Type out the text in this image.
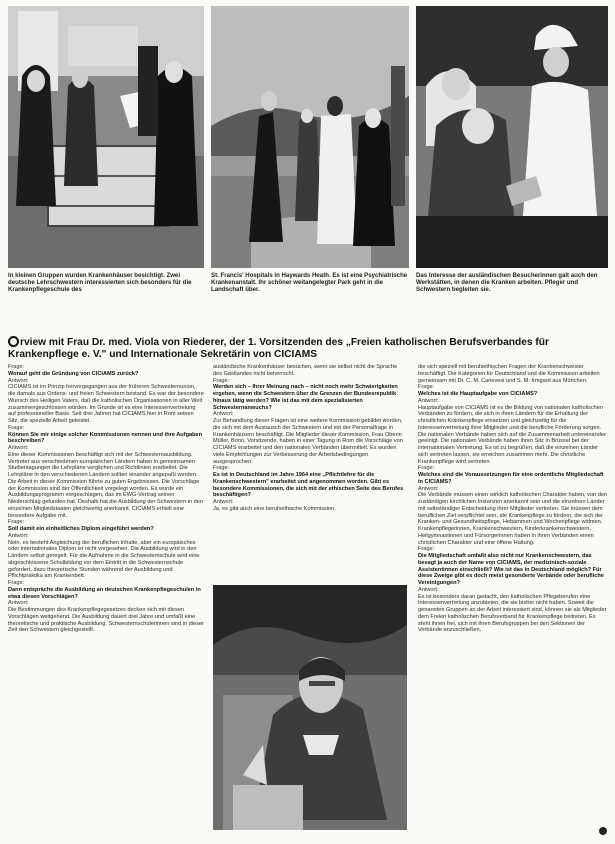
In kleinen Gruppen wurden Krankenhäuser besichtigt. Zwei deutsche Lehrschwestern interessierten sich besonders für die Krankenpflegeschule des
St. Francis' Hospitals in Haywards Heath. Es ist eine Psychiatrische Krankenanstalt. Ihr schöner weitangelegter Park geht in die Landschaft über.
Das Interesse der ausländischen Besucherinnen galt auch den Werkstätten, in denen die Kranken arbeiten. Pfleger und Schwestern begleiten sie.
rview mit Frau Dr. med. Viola von Riederer, der 1. Vorsitzenden des „Freien katholischen Berufsverbandes für Krankenpflege e. V." und Internationale Sekretärin von CICIAMS

Frage:

Worauf geht die Gründung von CICIAMS zurück?

Antwort:

CICIAMS ist im Prinzip hervorgegangen aus der früheren Schwesternunion, die damals aus Ordens- und freien Schwestern bestand. Es war der besondere Wunsch des Heiligen Vaters, daß die katholischen Organisationen in aller Welt zusammengeschlossen würden. Im Grunde ist es eine Interessenvertretung auf professioneller Basis. Seit drei Jahren hat CICIAMS hier in Rom seinen Sitz, die spezielle Arbeit geleistet.

Frage:

Können Sie mir einige solcher Kommissionen nennen und ihre Aufgaben beschreiben?

Antwort:

Eine dieser Kommissionen beschäftigt sich mit der Schwesternausbildung. Vertreter aus verschiedenen europäischen Ländern haben in gemeinsamen Studientagungen die Lehrpläne verglichen und Richtlinien erarbeitet. Die Lehrpläne in den verschiedenen Ländern sollten einander angepaßt werden. Die Arbeit in dieser Kommission führte zu guten Ergebnissen. Die Vorschläge der Kommission sind der Öffentlichkeit vorgelegt worden. Es wurde ein Ausbildungsprogramm vorgeschlagen, das im EWG-Vertrag seinen Niederschlag gefunden hat. Deshalb hat die Ausbildung der Schwestern in den einzelnen Mitgliedstaaten gleichwertig anerkannt. CICIAMS erhielt eine besondere Aufgabe mit.

Frage:

Soll damit ein einheitliches Diplom eingeführt werden?

Antwort:

Nein, es besteht Angleichung der beruflichen Inhalte, aber ein europäisches oder internationales Diplom ist nicht vorgesehen. Die Ausbildung wird in den Ländern selbst geregelt. Für die Aufnahme in die Schwesternschule wird eine abgeschlossene Schulbildung vor dem Eintritt in die Schwesternschule gefordert, dazu theoretische Stunden während der Ausbildung und Pflichtpraktika am Krankenbett.

Frage:

Dann entspräche die Ausbildung an deutschen Krankenpflegeschulen in etwa diesen Vorschlägen?

Antwort:

Die Bestimmungen des Krankenpflegegesetzes decken sich mit diesen Vorschlägen weitgehend. Die Ausbildung dauert drei Jahre und umfaßt eine theoretische und praktische Ausbildung. Schwesternschülerinnen sind in dieser Zeit den Schwestern gleichgestellt.

ausländische Krankenhäuser besuchen, wenn sie selbst nicht die Sprache des Gastlandes nicht beherrscht.

Frage:

Werden sich – Ihrer Meinung nach – nicht noch mehr Schwierigkeiten ergeben, wenn die Schwestern über die Grenzen der Bundesrepublik hinaus tätig werden? Wie ist das mit dem spezialisierten Schwesternanwuchs?

Antwort:

Zur Behandlung dieser Fragen ist eine weitere Kommission gebildet worden, die sich mit dem Austausch der Schwestern und mit der Personalfrage in Krankenhäusern beschäftigt. Die Mitglieder dieser Kommission, Frau Oberin Müller, Bonn, Vorsitzende, haben in einer Tagung in Rom die Vorschläge von CICIAMS erarbeitet und den nationalen Verbänden übermittelt. Es wurden viele Empfehlungen zur Verbesserung der Arbeitsbedingungen ausgesprochen.

Frage:

Es ist in Deutschland im Jahre 1964 eine „Pflichtlehre für die Krankenschwestern" erarbeitet und angenommen worden. Gibt es besondere Kommissionen, die sich mit der ethischen Seite des Berufes beschäftigen?

Antwort:

Ja, es gibt auch eine berufsethische Kommission.

die sich speziell mit berufsethischen Fragen der Krankenschwester beschäftigt. Die Kategorien für Deutschland und die Kommission arbeiten gemeinsam mit Dr. C. M. Canevesi und S. M. Irmgard aus München.

Frage:

Welches ist die Hauptaufgabe von CICIAMS?

Antwort:

Hauptaufgabe von CICIAMS ist es die Bildung von nationalen katholischen Verbänden zu fördern, die sich in ihren Ländern für die Erhaltung der christlichen Krankenpflege einsetzen und gleichzeitig für die Interessenvertretung ihrer Mitglieder und die berufliche Förderung sorgen. Die nationalen Verbände haben sich auf die Zusammenarbeit untereinander geeinigt. Die nationalen Verbände haben ihren Sitz in Brüssel bei der internationalen Vertretung. Es ist zu begrüßen, daß die einzelnen Länder sich vertreten lassen, sie erreichen zusammen mehr. Die christliche Krankenpflege wird vertreten.

Frage:

Welches sind die Voraussetzungen für eine ordentliche Mitgliedschaft in CICIAMS?

Antwort:

Die Verbände müssen einen wirklich katholischen Charakter haben, von den zuständigen kirchlichen Instanzen anerkannt sein und die einzelnen Länder mit selbständiger Entscheidung ihrer Mitglieder vertreten. Sie müssen dem beruflichen Ziel verpflichtet sein, die Krankenpflege zu fördern, die sich der Kranken- und Gesundheitspflege, Hebammen und Wochenpflege widmen. Krankenpflegerinnen, Krankenschwestern, Kinderkrankenschwestern, Heilgymnastinnen und Fürsorgerinnen haben in ihren Verbänden einen christlichen Charakter und eine offene Haltung.

Frage:

Die Mitgliedschaft umfaßt also nicht nur Krankenschwestern, das besagt ja auch der Name von CICIAMS, der medizinisch-soziale Assistentinnen einschließt? Wie ist das in Deutschland möglich? Für diese Zweige gibt es doch meist gesonderte Verbände oder berufliche Vereinigungen?

Antwort:

Es ist besonders daran gedacht, den katholischen Pflegeberufen eine Interessenvertretung anzubieten, die sie bisher nicht haben. Soweit die genannten Gruppen an der Arbeit interessiert sind, können sie als Mitglieder dem Freien katholischen Berufsverband für Krankenpflege beitreten. Es steht ihnen frei, sich mit ihren Berufsgruppen bei den Sektionen der Verbände anzuschließen.
